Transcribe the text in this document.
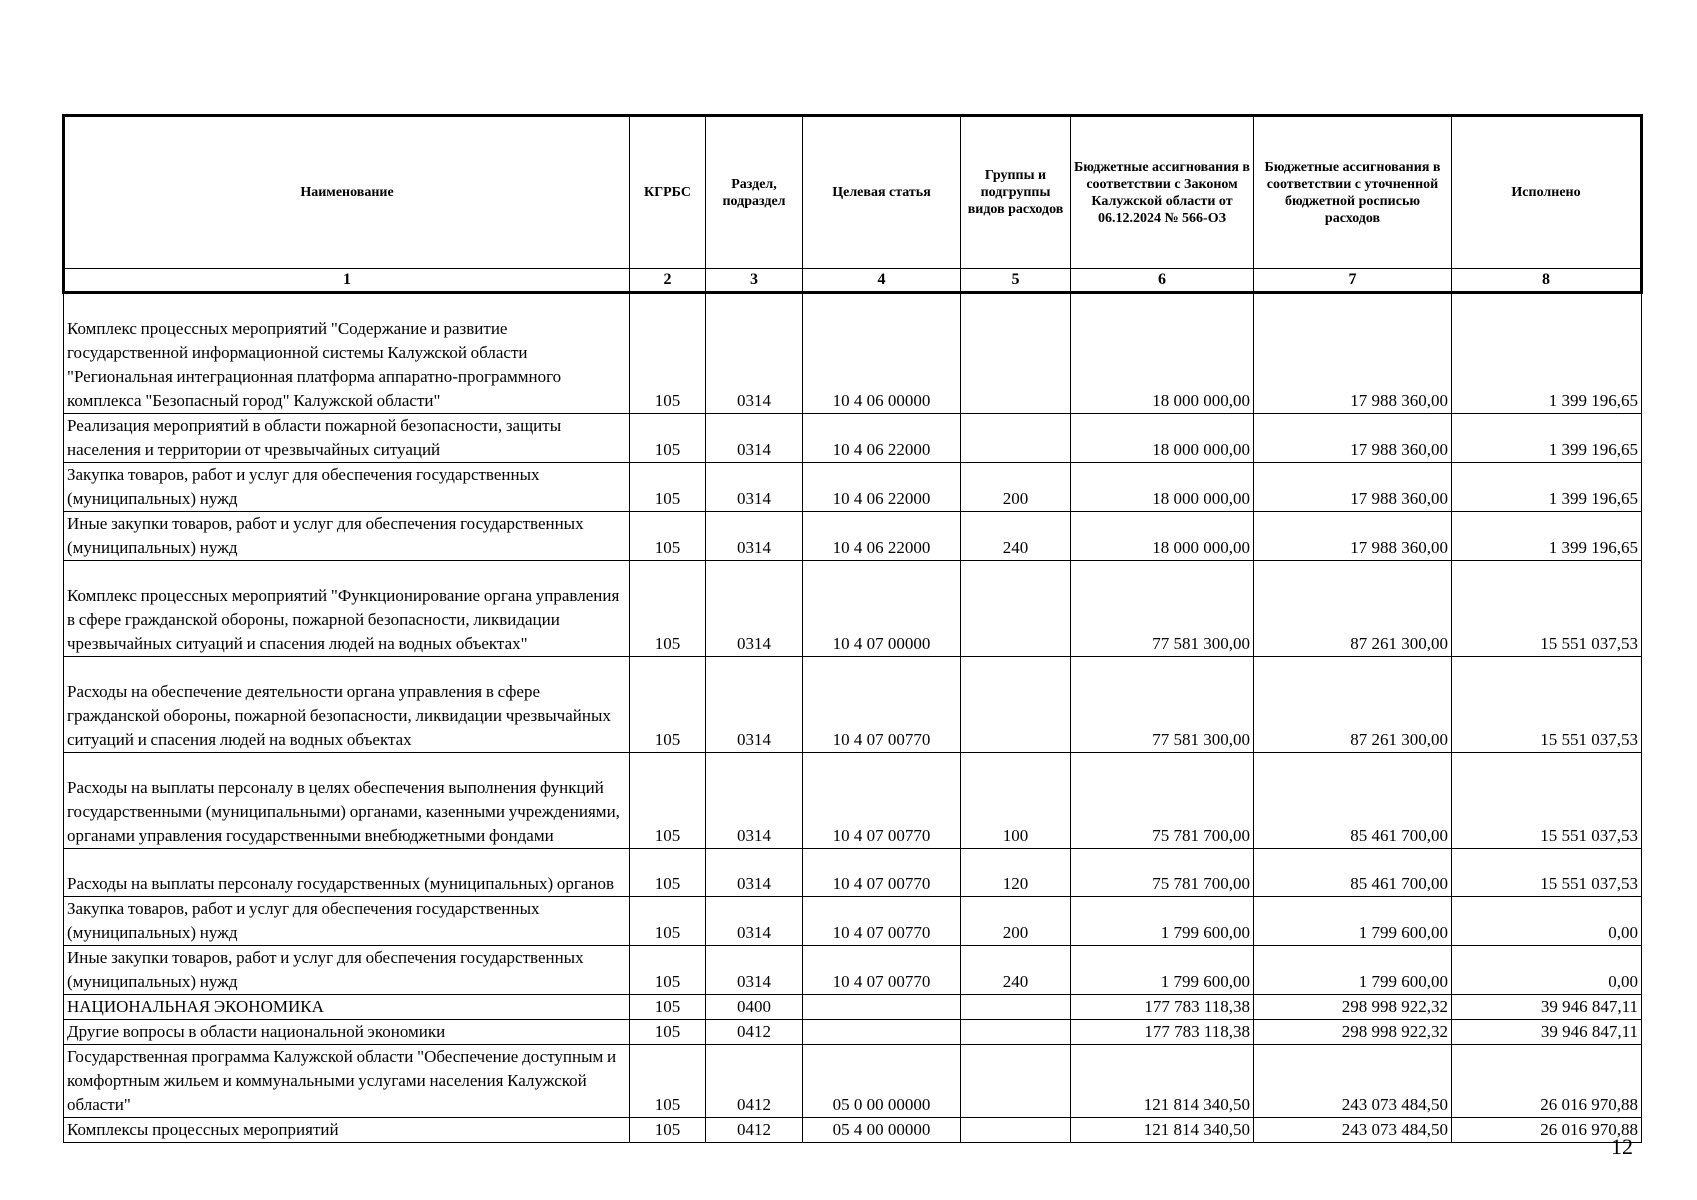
Наименование	КГРБС	Раздел, подраздел	Целевая статья	Группы и подгруппы видов расходов	Бюджетные ассигнования в соответствии с Законом Калужской области от 06.12.2024 № 566-ОЗ	Бюджетные ассигнования в соответствии с уточненной бюджетной росписью расходов	Исполнено
1	2	3	4	5	6	7	8
Комплекс процессных мероприятий "Содержание и развитие государственной информационной системы Калужской области "Региональная интеграционная платформа аппаратно-программного комплекса "Безопасный город" Калужской области"	105	0314	10 4 06 00000		18 000 000,00	17 988 360,00	1 399 196,65
Реализация мероприятий в области пожарной безопасности, защиты населения и территории от чрезвычайных ситуаций	105	0314	10 4 06 22000		18 000 000,00	17 988 360,00	1 399 196,65
Закупка товаров, работ и услуг для обеспечения государственных (муниципальных) нужд	105	0314	10 4 06 22000	200	18 000 000,00	17 988 360,00	1 399 196,65
Иные закупки товаров, работ и услуг для обеспечения государственных (муниципальных) нужд	105	0314	10 4 06 22000	240	18 000 000,00	17 988 360,00	1 399 196,65
Комплекс процессных мероприятий "Функционирование органа управления в сфере гражданской обороны, пожарной безопасности, ликвидации чрезвычайных ситуаций и спасения людей на водных объектах"	105	0314	10 4 07 00000		77 581 300,00	87 261 300,00	15 551 037,53
Расходы на обеспечение деятельности органа управления в сфере гражданской обороны, пожарной безопасности, ликвидации чрезвычайных ситуаций и спасения людей на водных объектах	105	0314	10 4 07 00770		77 581 300,00	87 261 300,00	15 551 037,53
Расходы на выплаты персоналу в целях обеспечения выполнения функций государственными (муниципальными) органами, казенными учреждениями, органами управления государственными внебюджетными фондами	105	0314	10 4 07 00770	100	75 781 700,00	85 461 700,00	15 551 037,53
Расходы на выплаты персоналу государственных (муниципальных) органов	105	0314	10 4 07 00770	120	75 781 700,00	85 461 700,00	15 551 037,53
Закупка товаров, работ и услуг для обеспечения государственных (муниципальных) нужд	105	0314	10 4 07 00770	200	1 799 600,00	1 799 600,00	0,00
Иные закупки товаров, работ и услуг для обеспечения государственных (муниципальных) нужд	105	0314	10 4 07 00770	240	1 799 600,00	1 799 600,00	0,00
НАЦИОНАЛЬНАЯ ЭКОНОМИКА	105	0400			177 783 118,38	298 998 922,32	39 946 847,11
Другие вопросы в области национальной экономики	105	0412			177 783 118,38	298 998 922,32	39 946 847,11
Государственная программа Калужской области "Обеспечение доступным и комфортным жильем и коммунальными услугами населения Калужской области"	105	0412	05 0 00 00000		121 814 340,50	243 073 484,50	26 016 970,88
Комплексы процессных мероприятий	105	0412	05 4 00 00000		121 814 340,50	243 073 484,50	26 016 970,88
12
